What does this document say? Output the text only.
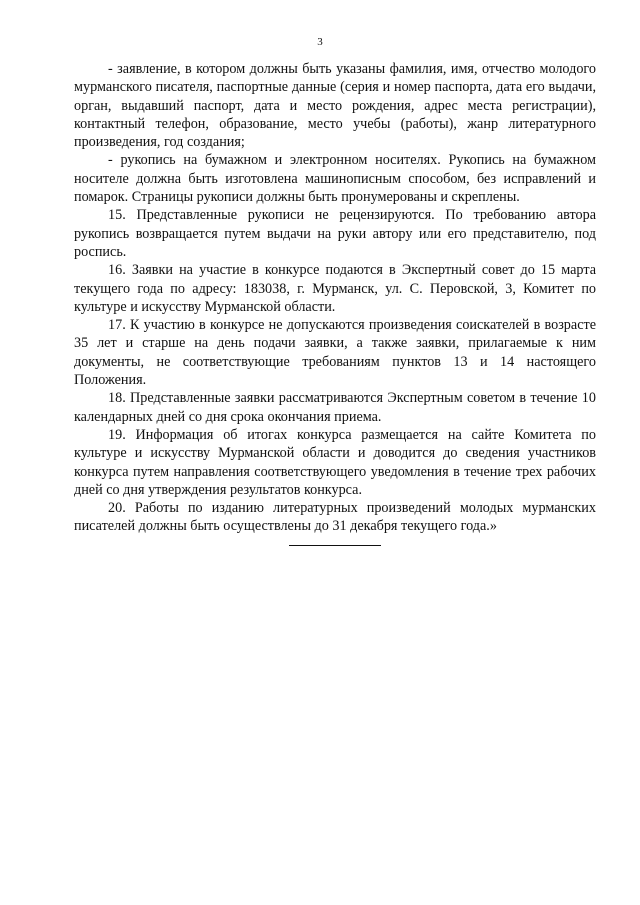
3

- заявление, в котором должны быть указаны фамилия, имя, отчество молодого мурманского писателя, паспортные данные (серия и номер паспорта, дата его выдачи, орган, выдавший паспорт, дата и место рождения, адрес места регистрации), контактный телефон, образование, место учебы (работы), жанр литературного произведения, год создания;

- рукопись на бумажном и электронном носителях. Рукопись на бумажном носителе должна быть изготовлена машинописным способом, без исправлений и помарок. Страницы рукописи должны быть пронумерованы и скреплены.

15. Представленные рукописи не рецензируются. По требованию автора рукопись возвращается путем выдачи на руки автору или его представителю, под роспись.

16. Заявки на участие в конкурсе подаются в Экспертный совет до 15 марта текущего года по адресу: 183038, г. Мурманск, ул. С. Перовской, 3, Комитет по культуре и искусству Мурманской области.

17. К участию в конкурсе не допускаются произведения соискателей в возрасте 35 лет и старше на день подачи заявки, а также заявки, прилагаемые к ним документы, не соответствующие требованиям пунктов 13 и 14 настоящего Положения.

18. Представленные заявки рассматриваются Экспертным советом в течение 10 календарных дней со дня срока окончания приема.

19. Информация об итогах конкурса размещается на сайте Комитета по культуре и искусству Мурманской области и доводится до сведения участников конкурса путем направления соответствующего уведомления в течение трех рабочих дней со дня утверждения результатов конкурса.

20. Работы по изданию литературных произведений молодых мурманских писателей должны быть осуществлены до 31 декабря текущего года.»
